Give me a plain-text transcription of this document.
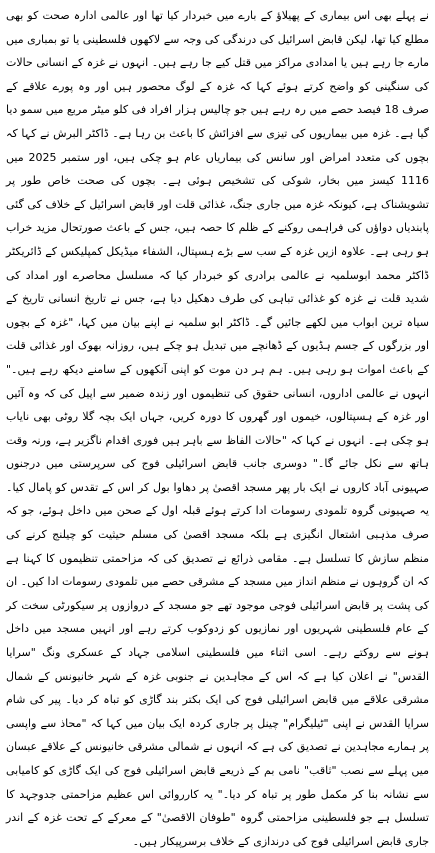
نے پہلے بھی اس بیماری کے پھیلاؤ کے بارے میں خبردار کیا تھا اور عالمی ادارہ صحت کو بھی مطلع کیا تھا، لیکن قابض اسرائیل کی درندگی کی وجہ سے لاکھوں فلسطینی یا تو بمباری میں مارے جا رہے ہیں یا امدادی مراکز میں قتل کیے جا رہے ہیں۔ انہوں نے غزہ کے انسانی حالات کی سنگینی کو واضح کرتے ہوئے کہا کہ غزہ کے لوگ محصور ہیں اور وہ پورے علاقے کے صرف 18 فیصد حصے میں رہ رہے ہیں جو چالیس ہزار افراد فی کلو میٹر مربع میں سمو دیا گیا ہے۔ غزہ میں بیماریوں کی تیزی سے افزائش کا باعث بن رہا ہے۔ ڈاکٹر البرش نے کہا کہ بچوں کی متعدد امراض اور سانس کی بیماریاں عام ہو چکی ہیں، اور ستمبر 2025 میں 1116 کیسز میں بخار، شوکی کی تشخیص ہوئی ہے۔ بچوں کی صحت خاص طور پر تشویشناک ہے، کیونکہ غزہ میں جاری جنگ، غذائی قلت اور قابض اسرائیل کے خلاف کی گئی پابندیاں دواؤں کی فراہمی روکنے کے ظلم کا حصہ ہیں، جس کے باعث صورتحال مزید خراب ہو رہی ہے۔ علاوہ ازیں غزہ کے سب سے بڑے ہسپتال، الشفاء میڈیکل کمپلیکس کے ڈائریکٹر ڈاکٹر محمد ابوسلمیہ نے عالمی برادری کو خبردار کیا کہ مسلسل محاصرے اور امداد کی شدید قلت نے غزہ کو غذائی تباہی کی طرف دھکیل دیا ہے، جس نے تاریخ انسانی تاریخ کے سیاہ ترین ابواب میں لکھے جائیں گے۔ ڈاکٹر ابو سلمیہ نے اپنے بیان میں کہا، "غزہ کے بچوں اور بزرگوں کے جسم ہڈیوں کے ڈھانچے میں تبدیل ہو چکے ہیں، روزانہ بھوک اور غذائی قلت کے باعث اموات ہو رہی ہیں۔ ہم ہر دن موت کو اپنی آنکھوں کے سامنے دیکھ رہے ہیں۔" انہوں نے عالمی اداروں، انسانی حقوق کی تنظیموں اور زندہ ضمیر سے اپیل کی کہ وہ آئیں اور غزہ کے ہسپتالوں، خیموں اور گھروں کا دورہ کریں، جہاں ایک بچہ گلا روٹی بھی نایاب ہو چکی ہے۔ انہوں نے کہا کہ "حالات الفاظ سے باہر ہیں فوری اقدام ناگزیر ہے، ورنہ وقت ہاتھ سے نکل جائے گا۔" دوسری جانب قابض اسرائیلی فوج کی سرپرستی میں درجنوں صہیونی آباد کاروں نے ایک بار پھر مسجد اقصیٰ پر دھاوا بول کر اس کے تقدس کو پامال کیا۔ یہ صہیونی گروہ تلمودی رسومات ادا کرتے ہوئے قبلہ اول کے صحن میں داخل ہوئے، جو کہ صرف مذہبی اشتعال انگیزی ہے بلکہ مسجد اقصیٰ کی مسلم حیثیت کو چیلنج کرنے کی منظم سازش کا تسلسل ہے۔ مقامی ذرائع نے تصدیق کی کہ مزاحمتی تنظیموں کا کہنا ہے کہ ان گروہوں نے منظم انداز میں مسجد کے مشرقی حصے میں تلمودی رسومات ادا کیں۔ ان کی پشت پر قابض اسرائیلی فوجی موجود تھے جو مسجد کے دروازوں پر سیکورٹی سخت کر کے عام فلسطینی شہریوں اور نمازیوں کو زدوکوب کرتے رہے اور انہیں مسجد میں داخل ہونے سے روکتے رہے۔ اسی اثناء میں فلسطینی اسلامی جہاد کے عسکری ونگ "سرایا القدس" نے اعلان کیا ہے کہ اس کے مجاہدین نے جنوبی غزہ کے شہر خانیونس کے شمال مشرقی علاقے میں قابض اسرائیلی فوج کی ایک بکتر بند گاڑی کو تباہ کر دیا۔ پیر کی شام سرایا القدس نے اپنی "ٹیلیگرام" چینل پر جاری کردہ ایک بیان میں کہا کہ "محاذ سے واپسی پر ہمارے مجاہدین نے تصدیق کی ہے کہ انہوں نے شمالی مشرقی خانیونس کے علاقے عبسان میں پہلے سے نصب "ثاقب" نامی بم کے ذریعے قابض اسرائیلی فوج کی ایک گاڑی کو کامیابی سے نشانہ بنا کر مکمل طور پر تباہ کر دیا۔" یہ کارروائی اس عظیم مزاحمتی جدوجہد کا تسلسل ہے جو فلسطینی مزاحمتی گروہ "طوفان الاقصیٰ" کے معرکے کے تحت غزہ کے اندر جاری قابض اسرائیلی فوج کی درندازی کے خلاف برسرپیکار ہیں۔
